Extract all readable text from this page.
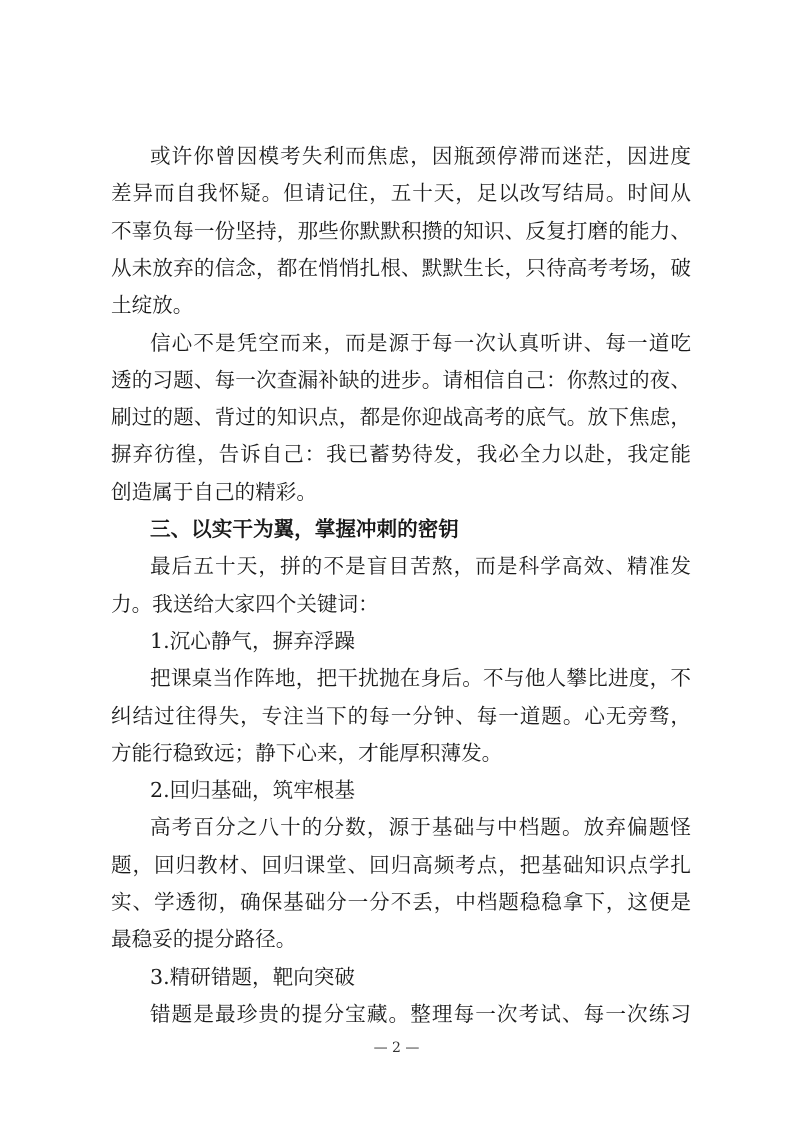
或许你曾因模考失利而焦虑，因瓶颈停滞而迷茫，因进度

差异而自我怀疑。但请记住，五十天，足以改写结局。时间从

不辜负每一份坚持，那些你默默积攒的知识、反复打磨的能力、

从未放弃的信念，都在悄悄扎根、默默生长，只待高考考场，破

土绽放。

信心不是凭空而来，而是源于每一次认真听讲、每一道吃

透的习题、每一次查漏补缺的进步。请相信自己：你熬过的夜、

刷过的题、背过的知识点，都是你迎战高考的底气。放下焦虑，

摒弃彷徨，告诉自己：我已蓄势待发，我必全力以赴，我定能

创造属于自己的精彩。

三、以实干为翼，掌握冲刺的密钥

最后五十天，拼的不是盲目苦熬，而是科学高效、精准发

力。我送给大家四个关键词：

1.沉心静气，摒弃浮躁

把课桌当作阵地，把干扰抛在身后。不与他人攀比进度，不

纠结过往得失，专注当下的每一分钟、每一道题。心无旁骛，

方能行稳致远；静下心来，才能厚积薄发。

2.回归基础，筑牢根基

高考百分之八十的分数，源于基础与中档题。放弃偏题怪

题，回归教材、回归课堂、回归高频考点，把基础知识点学扎

实、学透彻，确保基础分一分不丢，中档题稳稳拿下，这便是

最稳妥的提分路径。

3.精研错题，靶向突破

错题是最珍贵的提分宝藏。整理每一次考试、每一次练习

— 2 —
